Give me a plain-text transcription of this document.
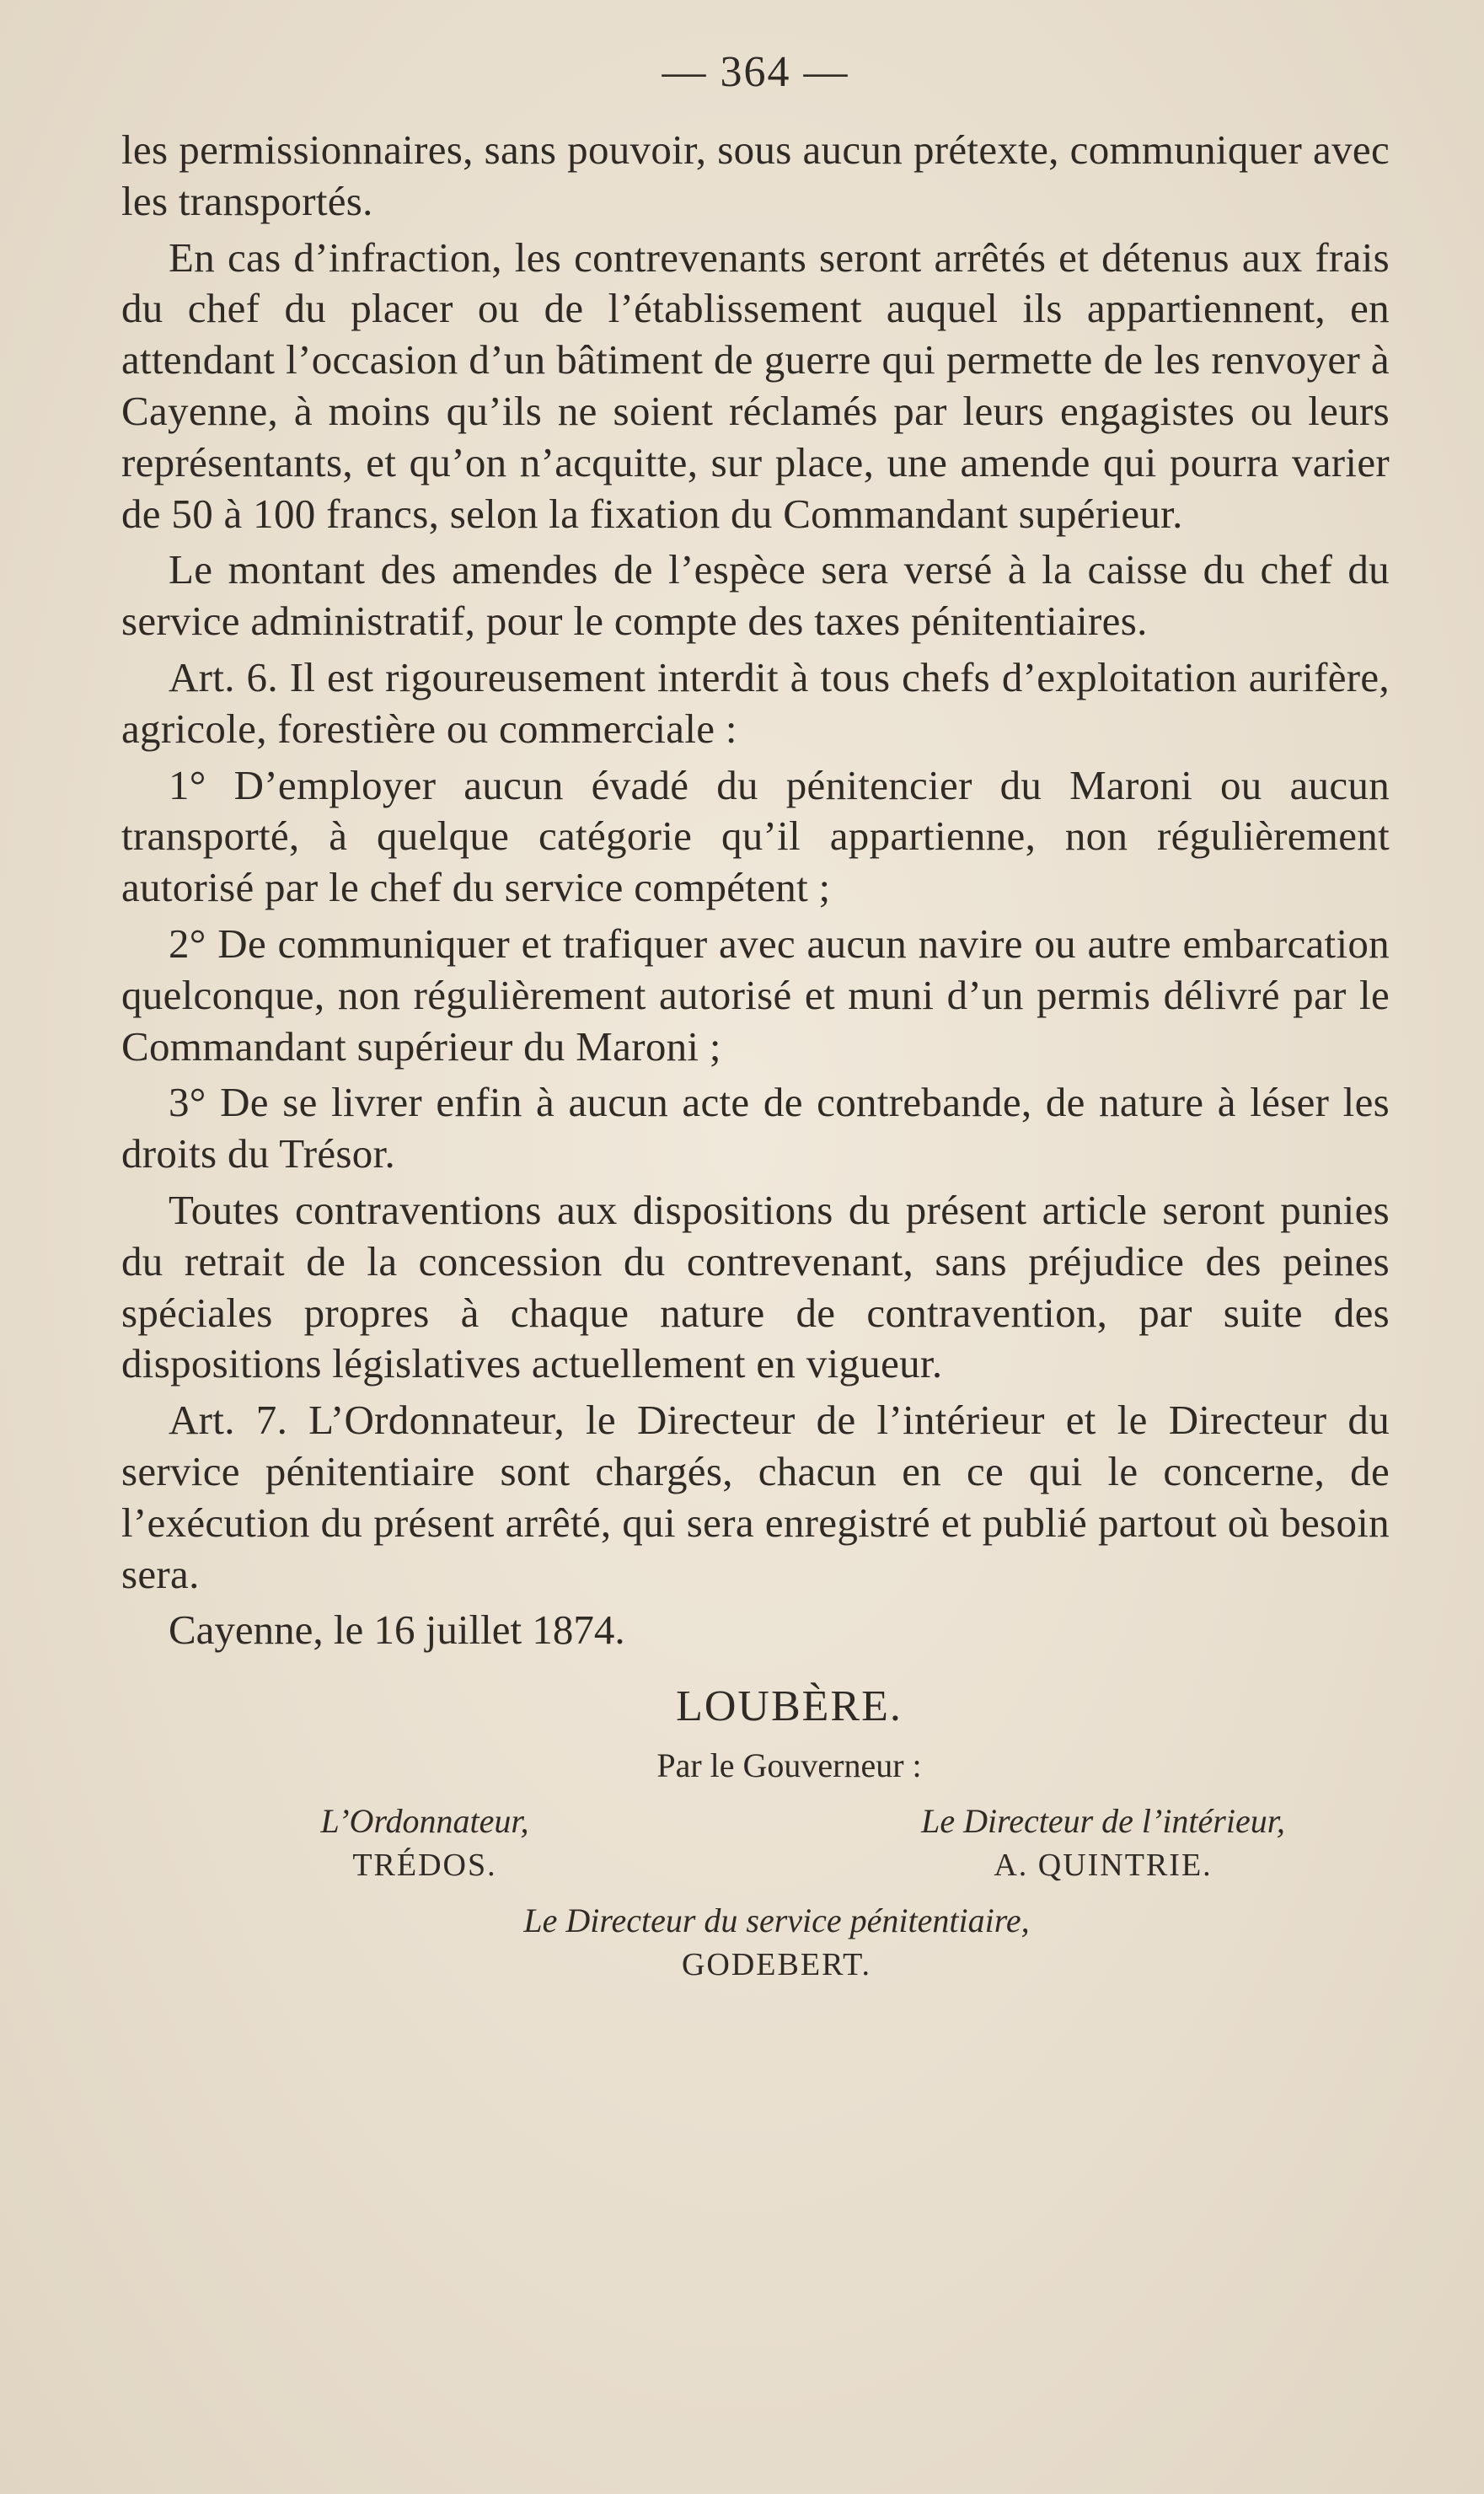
— 364 —

les permissionnaires, sans pouvoir, sous aucun prétexte, communiquer avec les transportés.

En cas d’infraction, les contrevenants seront arrêtés et détenus aux frais du chef du placer ou de l’établissement auquel ils appartiennent, en attendant l’occasion d’un bâtiment de guerre qui permette de les renvoyer à Cayenne, à moins qu’ils ne soient réclamés par leurs engagistes ou leurs représentants, et qu’on n’acquitte, sur place, une amende qui pourra varier de 50 à 100 francs, selon la fixation du Commandant supérieur.

Le montant des amendes de l’espèce sera versé à la caisse du chef du service administratif, pour le compte des taxes pénitentiaires.

Art. 6. Il est rigoureusement interdit à tous chefs d’exploitation aurifère, agricole, forestière ou commerciale :

1° D’employer aucun évadé du pénitencier du Maroni ou aucun transporté, à quelque catégorie qu’il appartienne, non régulièrement autorisé par le chef du service compétent ;

2° De communiquer et trafiquer avec aucun navire ou autre embarcation quelconque, non régulièrement autorisé et muni d’un permis délivré par le Commandant supérieur du Maroni ;

3° De se livrer enfin à aucun acte de contrebande, de nature à léser les droits du Trésor.

Toutes contraventions aux dispositions du présent article seront punies du retrait de la concession du contrevenant, sans préjudice des peines spéciales propres à chaque nature de contravention, par suite des dispositions législatives actuellement en vigueur.

Art. 7. L’Ordonnateur, le Directeur de l’intérieur et le Directeur du service pénitentiaire sont chargés, chacun en ce qui le concerne, de l’exécution du présent arrêté, qui sera enregistré et publié partout où besoin sera.

Cayenne, le 16 juillet 1874.
LOUBÈRE.
Par le Gouverneur :
L’Ordonnateur,
TRÉDOS.
Le Directeur de l’intérieur,
A. QUINTRIE.
Le Directeur du service pénitentiaire,
GODEBERT.
